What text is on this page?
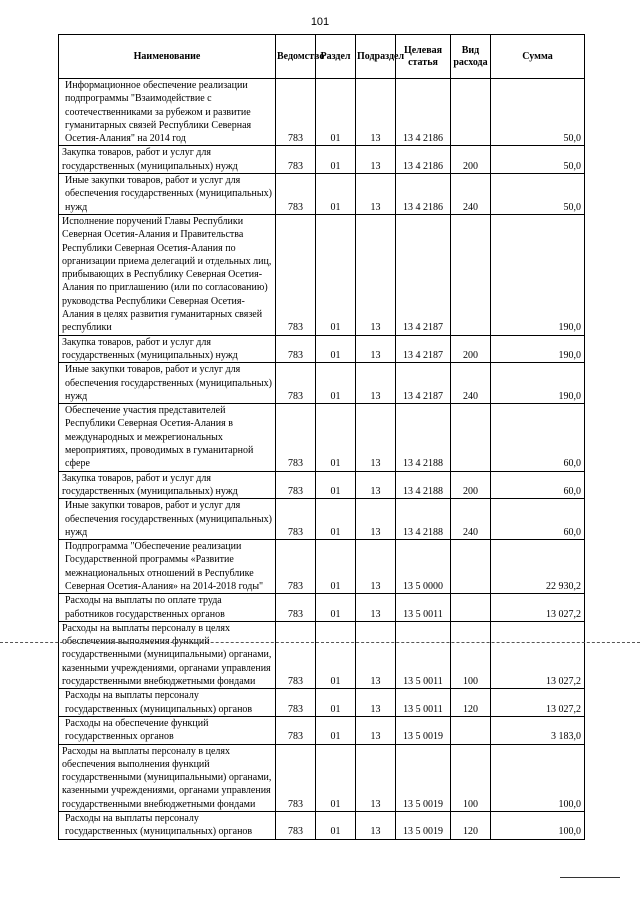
101
Наименование	Ведомство	Раздел	Подраздел	Целевая статья	Вид расхода	Сумма
Информационное обеспечение реализации подпрограммы "Взаимодействие с соотечественниками за рубежом и развитие гуманитарных связей Республики Северная Осетия-Алания" на 2014 год	783	01	13	13 4 2186		50,0
Закупка товаров, работ и услуг для государственных (муниципальных) нужд	783	01	13	13 4 2186	200	50,0
Иные закупки товаров, работ и услуг для обеспечения государственных (муниципальных) нужд	783	01	13	13 4 2186	240	50,0
Исполнение поручений Главы Республики Северная Осетия-Алания и Правительства Республики Северная Осетия-Алания по организации приема делегаций и отдельных лиц, прибывающих в Республику Северная Осетия-Алания по приглашению (или по согласованию) руководства Республики Северная Осетия-Алания в целях развития гуманитарных связей республики	783	01	13	13 4 2187		190,0
Закупка товаров, работ и услуг для государственных (муниципальных) нужд	783	01	13	13 4 2187	200	190,0
Иные закупки товаров, работ и услуг для обеспечения государственных (муниципальных) нужд	783	01	13	13 4 2187	240	190,0
Обеспечение участия представителей Республики Северная Осетия-Алания в международных и межрегиональных мероприятиях, проводимых в гуманитарной сфере	783	01	13	13 4 2188		60,0
Закупка товаров, работ и услуг для государственных (муниципальных) нужд	783	01	13	13 4 2188	200	60,0
Иные закупки товаров, работ и услуг для обеспечения государственных (муниципальных) нужд	783	01	13	13 4 2188	240	60,0
Подпрограмма "Обеспечение реализации Государственной программы «Развитие межнациональных отношений в Республике Северная Осетия-Алания» на 2014-2018 годы"	783	01	13	13 5 0000		22 930,2
Расходы на выплаты по оплате труда работников государственных органов	783	01	13	13 5 0011		13 027,2
Расходы на выплаты персоналу в целях обеспечения выполнения функций государственными (муниципальными) органами, казенными учреждениями, органами управления государственными внебюджетными фондами	783	01	13	13 5 0011	100	13 027,2
Расходы на выплаты персоналу государственных (муниципальных) органов	783	01	13	13 5 0011	120	13 027,2
Расходы на обеспечение функций государственных органов	783	01	13	13 5 0019		3 183,0
Расходы на выплаты персоналу в целях обеспечения выполнения функций государственными (муниципальными) органами, казенными учреждениями, органами управления государственными внебюджетными фондами	783	01	13	13 5 0019	100	100,0
Расходы на выплаты персоналу государственных (муниципальных) органов	783	01	13	13 5 0019	120	100,0
